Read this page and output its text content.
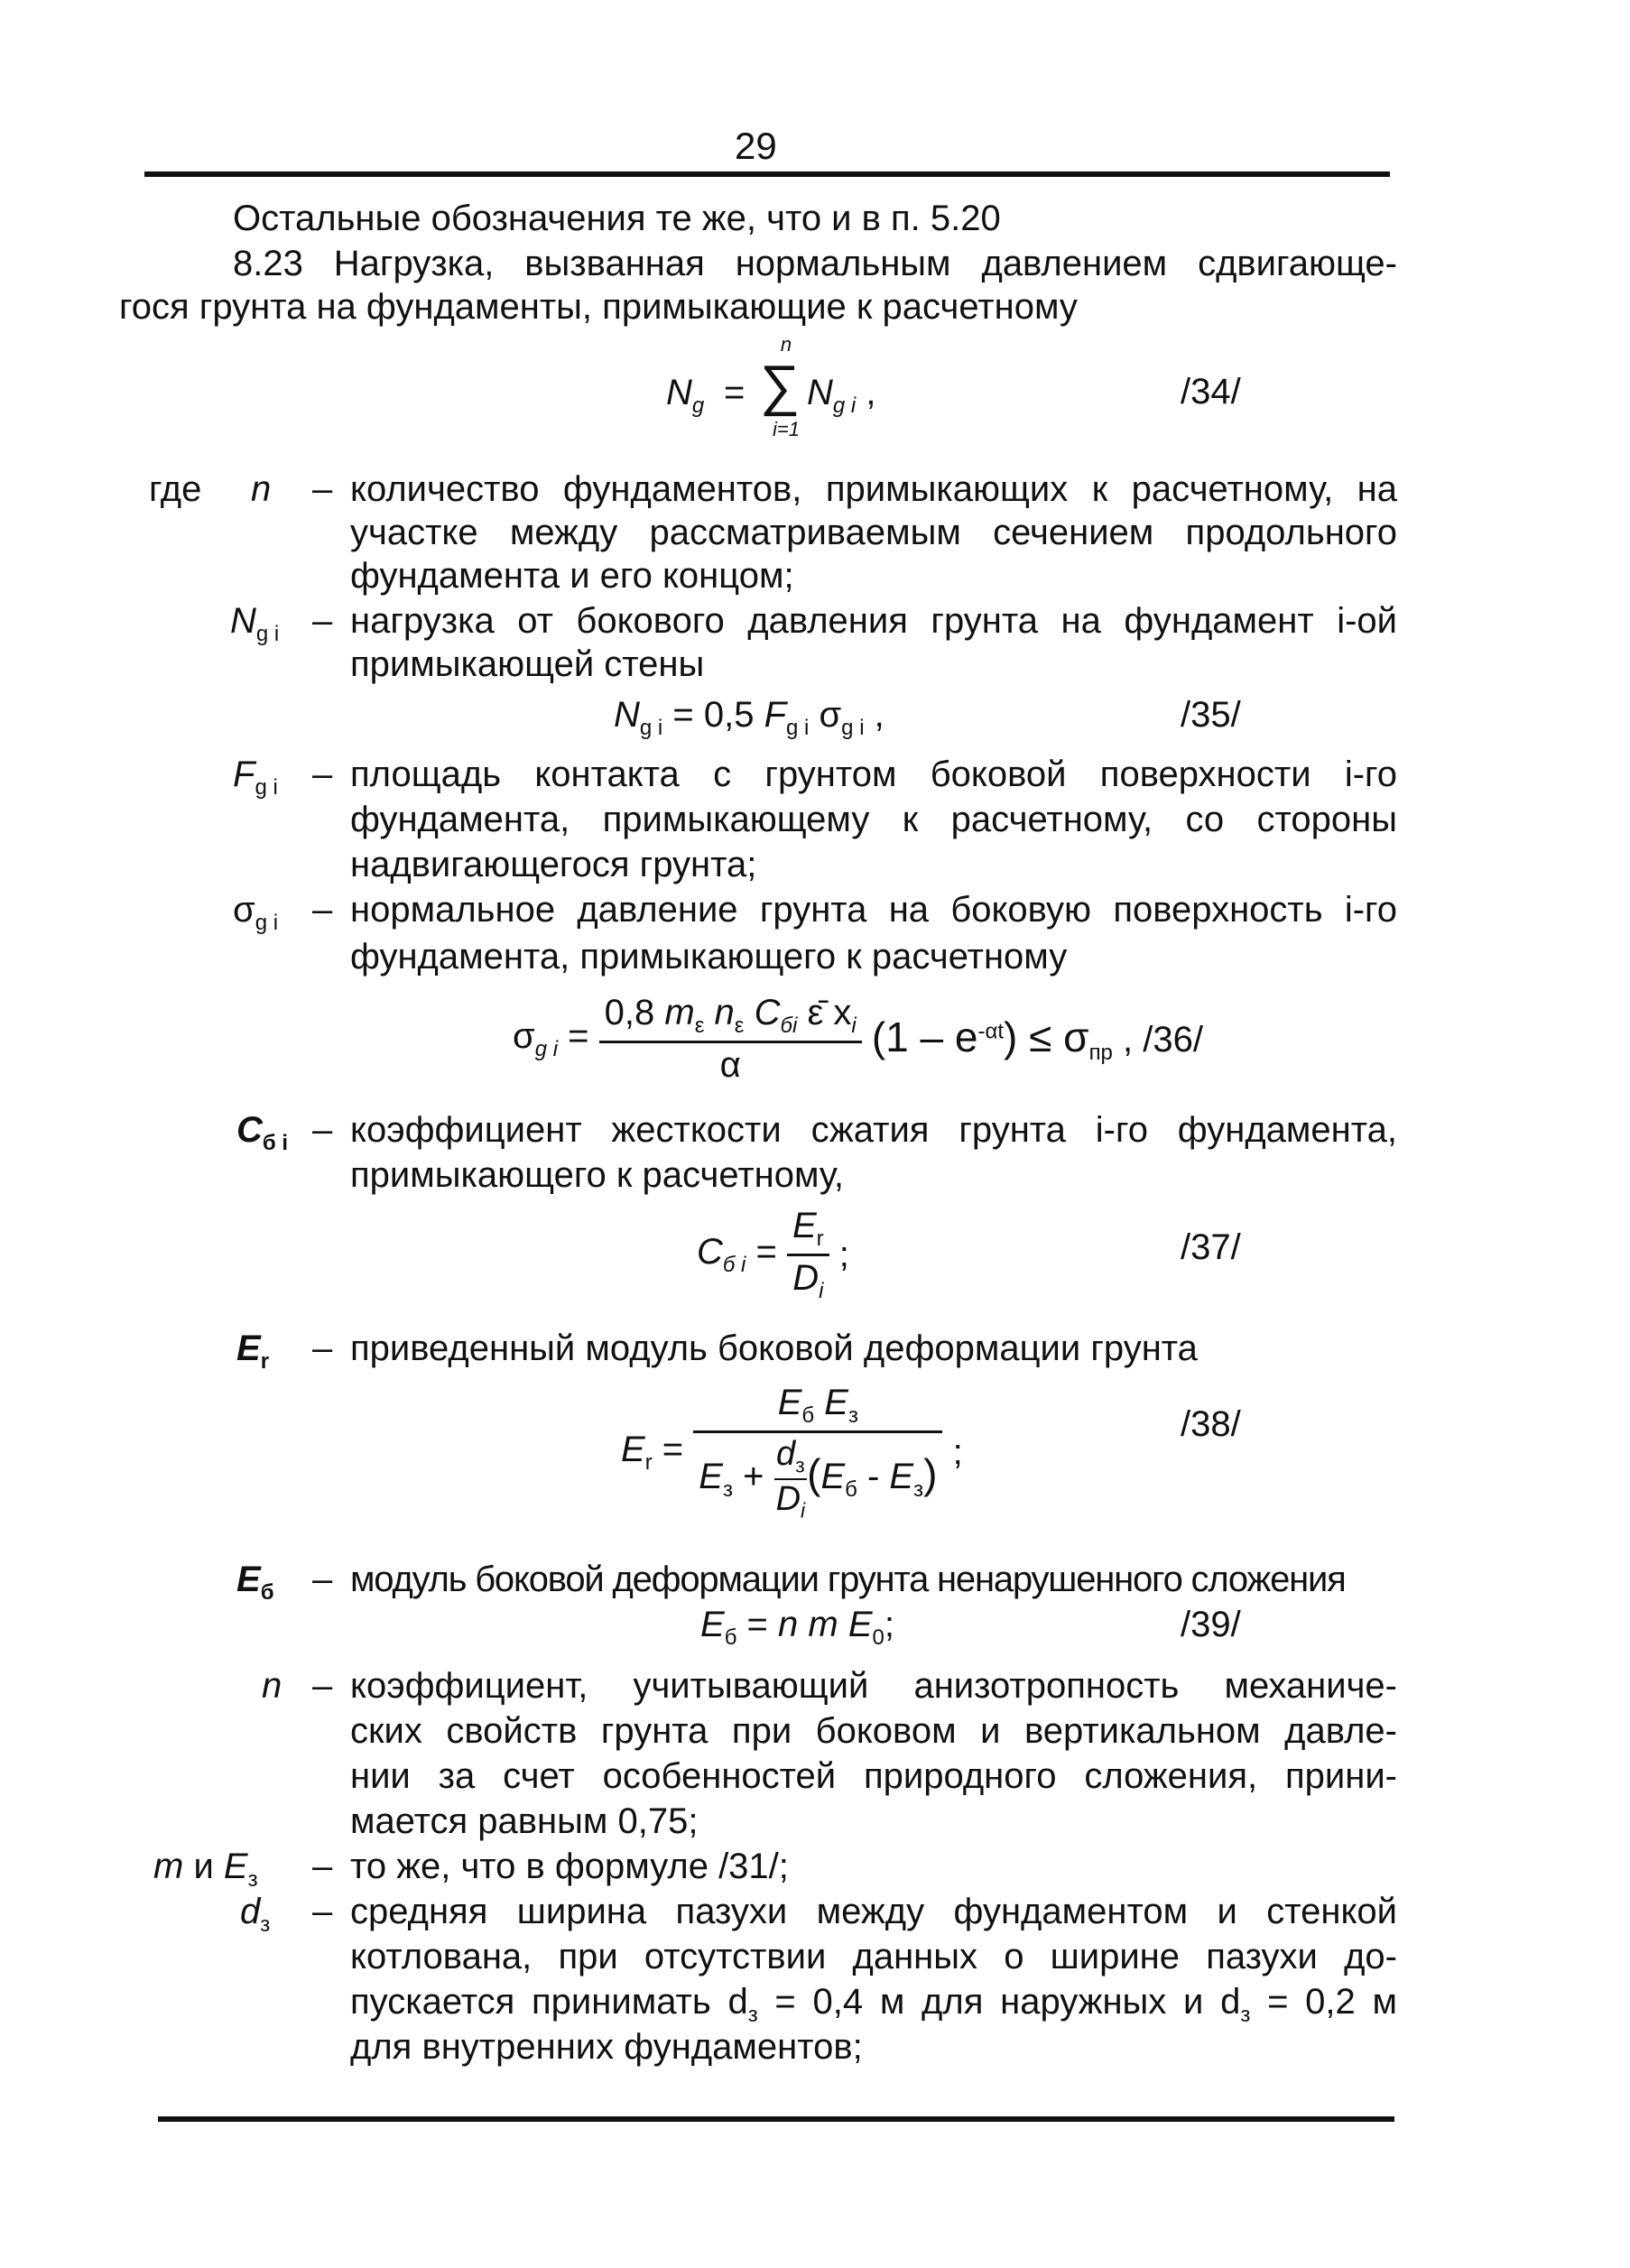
29
Остальные обозначения те же, что и в п. 5.20
8.23 Нагрузка, вызванная нормальным давлением сдвигающе-
гося грунта на фундаменты, примыкающие к расчетному
$N_g$ =
n
∑
i=1
$N_{g i}$ ,	/34/
где n – количество фундаментов, примыкающих к расчетному, на
участке между рассматриваемым сечением продольного
фундамента и его концом;
$N_{g i}$ – нагрузка от бокового давления грунта на фундамент i-ой
примыкающей стены
$N_{g i} = 0,5$ $F_{g i}$ $\sigma_{g i}$ ,	/35/
$F_{g i}$ – площадь контакта с грунтом боковой поверхности i-го
фундамента, примыкающему к расчетному, со стороны
надвигающегося грунта;
$\sigma_{g i}$ – нормальное давление грунта на боковую поверхность i-го
фундамента, примыкающего к расчетному
$\sigma_{g i} = \frac{0,8 m_\varepsilon n_\varepsilon C_{бi} \varepsilon̄ x_i}{\alpha} (1 - e^{-\alpha t}) \le \sigma_{пр}$ , /36/
$C_{б i}$ – коэффициент жесткости сжатия грунта i-го фундамента,
примыкающего к расчетному,
$C_{б i} = \frac{E_r}{D_i}$ ;	/37/
$E_r$ – приведенный модуль боковой деформации грунта
$E_r = \frac{E_б E_з}{E_з + \frac{d_з}{D_i} (E_б - E_з)}$ ;
/38/
$E_б$ – модуль боковой деформации грунта ненарушенного сложения
$E_б = n$ m $E_0$;	/39/
n – коэффициент, учитывающий анизотропность механиче-
ских свойств грунта при боковом и вертикальном давле-
нии за счет особенностей природного сложения, прини-
мается равным 0,75;
m и $E_з$ – то же, что в формуле /31/;
$d_з$ – средняя ширина пазухи между фундаментом и стенкой
котлована, при отсутствии данных о ширине пазухи до-
пускается принимать $d_з = 0,4$ м для наружных и $d_з = 0,2$ м
для внутренних фундаментов;
